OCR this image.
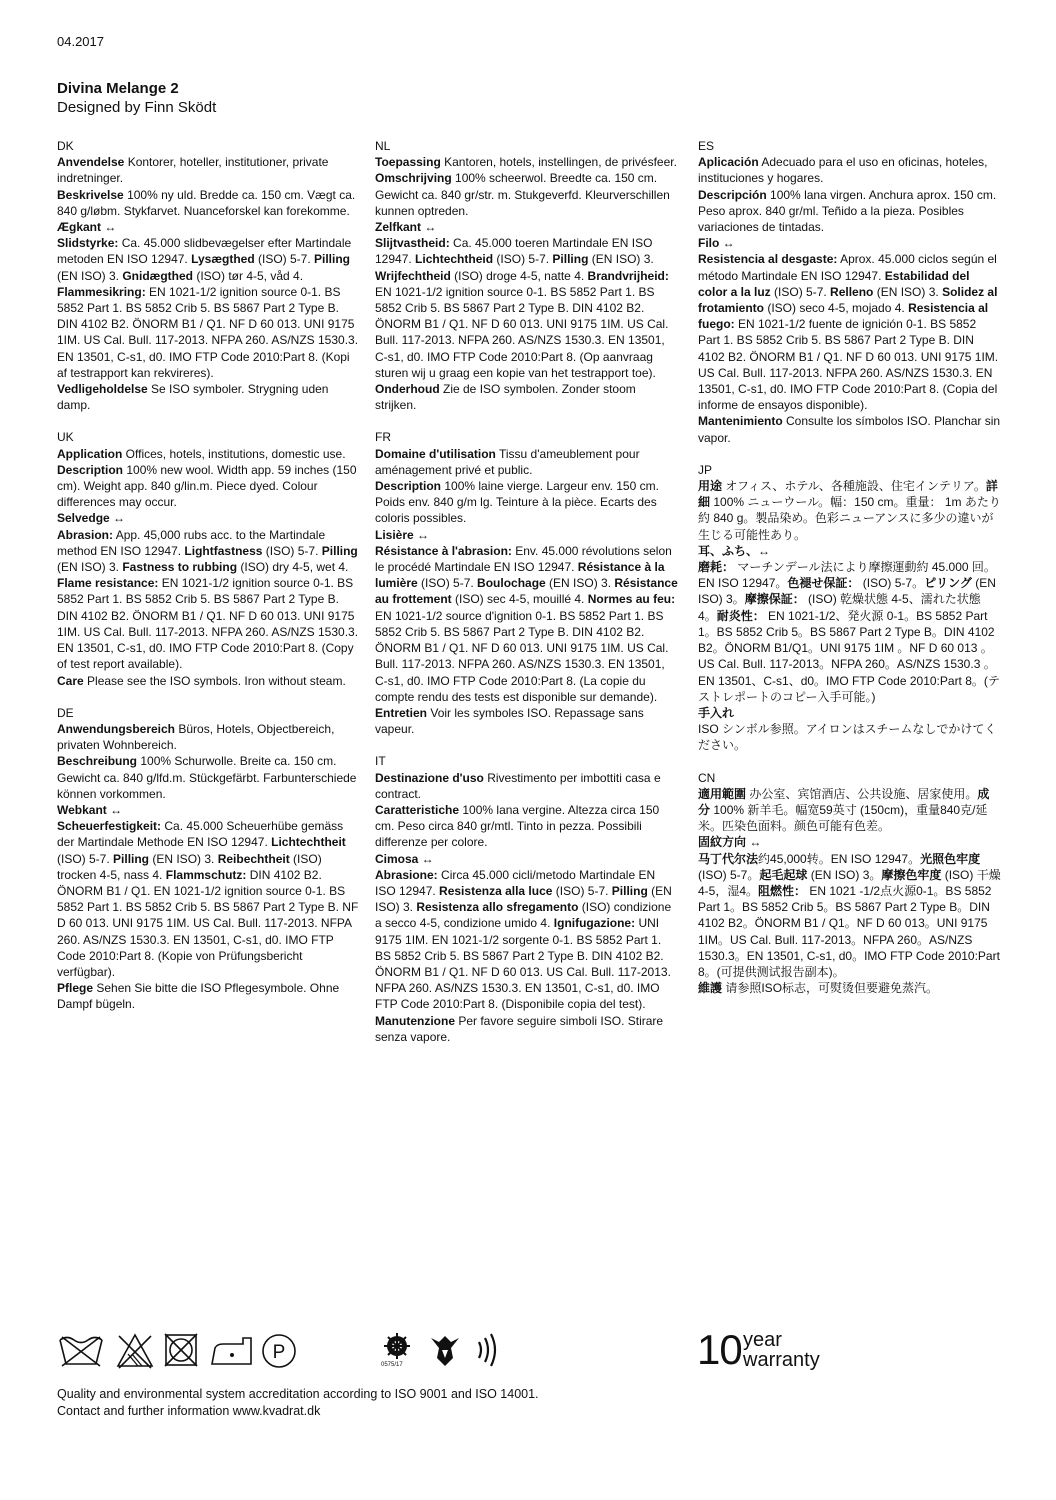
04.2017
Divina Melange 2
Designed by Finn Sködt
DK
Anvendelse Kontorer, hoteller, institutioner, private indretninger.
Beskrivelse 100% ny uld. Bredde ca. 150 cm. Vægt ca. 840 g/løbm. Stykfarvet. Nuanceforskel kan forekomme.
Ægkant ↔
Slidstyrke: Ca. 45.000 slidbevægelser efter Martindale metoden EN ISO 12947. Lysægthed (ISO) 5-7. Pilling (EN ISO) 3. Gnidægthed (ISO) tør 4-5, våd 4. Flammesikring: EN 1021-1/2 ignition source 0-1. BS 5852 Part 1. BS 5852 Crib 5. BS 5867 Part 2 Type B. DIN 4102 B2. ÖNORM B1 / Q1. NF D 60 013. UNI 9175 1IM. US Cal. Bull. 117-2013. NFPA 260. AS/NZS 1530.3. EN 13501, C-s1, d0. IMO FTP Code 2010:Part 8. (Kopi af testrapport kan rekvireres).
Vedligeholdelse Se ISO symboler. Strygning uden damp.
UK
Application Offices, hotels, institutions, domestic use.
Description 100% new wool. Width app. 59 inches (150 cm). Weight app. 840 g/lin.m. Piece dyed. Colour differences may occur.
Selvedge ↔
Abrasion: App. 45,000 rubs acc. to the Martindale method EN ISO 12947. Lightfastness (ISO) 5-7. Pilling (EN ISO) 3. Fastness to rubbing (ISO) dry 4-5, wet 4. Flame resistance: EN 1021-1/2 ignition source 0-1. BS 5852 Part 1. BS 5852 Crib 5. BS 5867 Part 2 Type B. DIN 4102 B2. ÖNORM B1 / Q1. NF D 60 013. UNI 9175 1IM. US Cal. Bull. 117-2013. NFPA 260. AS/NZS 1530.3. EN 13501, C-s1, d0. IMO FTP Code 2010:Part 8. (Copy of test report available).
Care Please see the ISO symbols. Iron without steam.
DE
Anwendungsbereich Büros, Hotels, Objectbereich, privaten Wohnbereich.
Beschreibung 100% Schurwolle. Breite ca. 150 cm. Gewicht ca. 840 g/lfd.m. Stückgefärbt. Farbunterschiede können vorkommen.
Webkant ↔
Scheuerfestigkeit: Ca. 45.000 Scheuerhübe gemäss der Martindale Methode EN ISO 12947. Lichtechtheit (ISO) 5-7. Pilling (EN ISO) 3. Reibechtheit (ISO) trocken 4-5, nass 4. Flammschutz: DIN 4102 B2. ÖNORM B1 / Q1. EN 1021-1/2 ignition source 0-1. BS 5852 Part 1. BS 5852 Crib 5. BS 5867 Part 2 Type B. NF D 60 013. UNI 9175 1IM. US Cal. Bull. 117-2013. NFPA 260. AS/NZS 1530.3. EN 13501, C-s1, d0. IMO FTP Code 2010:Part 8. (Kopie von Prüfungsbericht verfügbar).
Pflege Sehen Sie bitte die ISO Pflegesymbole. Ohne Dampf bügeln.
NL
Toepassing Kantoren, hotels, instellingen, de privésfeer.
Omschrijving 100% scheerwol. Breedte ca. 150 cm. Gewicht ca. 840 gr/str. m. Stukgeverfd. Kleurverschillen kunnen optreden.
Zelfkant ↔
Slijtvastheid: Ca. 45.000 toeren Martindale EN ISO 12947. Lichtechtheid (ISO) 5-7. Pilling (EN ISO) 3. Wrijfechtheid (ISO) droge 4-5, natte 4. Brandvrijheid: EN 1021-1/2 ignition source 0-1. BS 5852 Part 1. BS 5852 Crib 5. BS 5867 Part 2 Type B. DIN 4102 B2. ÖNORM B1 / Q1. NF D 60 013. UNI 9175 1IM. US Cal. Bull. 117-2013. NFPA 260. AS/NZS 1530.3. EN 13501, C-s1, d0. IMO FTP Code 2010:Part 8. (Op aanvraag sturen wij u graag een kopie van het testrapport toe).
Onderhoud Zie de ISO symbolen. Zonder stoom strijken.
FR
Domaine d'utilisation Tissu d'ameublement pour aménagement privé et public.
Description 100% laine vierge. Largeur env. 150 cm. Poids env. 840 g/m lg. Teinture à la pièce. Ecarts des coloris possibles.
Lisière ↔
Résistance à l'abrasion: Env. 45.000 révolutions selon le procédé Martindale EN ISO 12947. Résistance à la lumière (ISO) 5-7. Boulochage (EN ISO) 3. Résistance au frottement (ISO) sec 4-5, mouillé 4. Normes au feu: EN 1021-1/2 source d'ignition 0-1. BS 5852 Part 1. BS 5852 Crib 5. BS 5867 Part 2 Type B. DIN 4102 B2. ÖNORM B1 / Q1. NF D 60 013. UNI 9175 1IM. US Cal. Bull. 117-2013. NFPA 260. AS/NZS 1530.3. EN 13501, C-s1, d0. IMO FTP Code 2010:Part 8. (La copie du compte rendu des tests est disponible sur demande).
Entretien Voir les symboles ISO. Repassage sans vapeur.
IT
Destinazione d'uso Rivestimento per imbottiti casa e contract.
Caratteristiche 100% lana vergine. Altezza circa 150 cm. Peso circa 840 gr/mtl. Tinto in pezza. Possibili differenze per colore.
Cimosa ↔
Abrasione: Circa 45.000 cicli/metodo Martindale EN ISO 12947. Resistenza alla luce (ISO) 5-7. Pilling (EN ISO) 3. Resistenza allo sfregamento (ISO) condizione a secco 4-5, condizione umido 4. Ignifugazione: UNI 9175 1IM. EN 1021-1/2 sorgente 0-1. BS 5852 Part 1. BS 5852 Crib 5. BS 5867 Part 2 Type B. DIN 4102 B2. ÖNORM B1 / Q1. NF D 60 013. US Cal. Bull. 117-2013. NFPA 260. AS/NZS 1530.3. EN 13501, C-s1, d0. IMO FTP Code 2010:Part 8. (Disponibile copia del test).
Manutenzione Per favore seguire simboli ISO. Stirare senza vapore.
ES
Aplicación Adecuado para el uso en oficinas, hoteles, instituciones y hogares.
Descripción 100% lana virgen. Anchura aprox. 150 cm. Peso aprox. 840 gr/ml. Teñido a la pieza. Posibles variaciones de tintadas.
Filo ↔
Resistencia al desgaste: Aprox. 45.000 ciclos según el método Martindale EN ISO 12947. Estabilidad del color a la luz (ISO) 5-7. Relleno (EN ISO) 3. Solidez al frotamiento (ISO) seco 4-5, mojado 4. Resistencia al fuego: EN 1021-1/2 fuente de ignición 0-1. BS 5852 Part 1. BS 5852 Crib 5. BS 5867 Part 2 Type B. DIN 4102 B2. ÖNORM B1 / Q1. NF D 60 013. UNI 9175 1IM. US Cal. Bull. 117-2013. NFPA 260. AS/NZS 1530.3. EN 13501, C-s1, d0. IMO FTP Code 2010:Part 8. (Copia del informe de ensayos disponible).
Mantenimiento Consulte los símbolos ISO. Planchar sin vapor.
JP
用途 オフィス、ホテル、各種施設、住宅インテリア。詳細 100% ニューウール。幅：150 cm。重量： 1m あたり約 840 g。製品染め。色彩ニューアンスに多少の違いが生じる可能性あり。
耳、ふち、↔
磨耗： マーチンデール法により摩擦運動約 45.000 回。EN ISO 12947。色褪せ保証： (ISO) 5-7。ピリング (EN ISO) 3。摩擦保証： (ISO) 乾燥状態 4-5、濡れた状態 4。耐炎性： EN 1021-1/2、発火源 0-1。BS 5852 Part 1。BS 5852 Crib 5。BS 5867 Part 2 Type B。DIN 4102 B2。ÖNORM B1/Q1。UNI 9175 1IM 。NF D 60 013 。US Cal. Bull. 117-2013。NFPA 260。AS/NZS 1530.3 。EN 13501、C-s1、d0。IMO FTP Code 2010:Part 8。(テストレポートのコピー入手可能。)
手入れ
ISO シンボル参照。アイロンはスチームなしでかけてください。
CN
適用範圍 办公室、宾馆酒店、公共设施、居家使用。成分 100% 新羊毛。幅宽59英寸 (150cm)，重量840克/延米。匹染色面料。颜色可能有色差。
固紋方向 ↔
马丁代尔法约45,000转。EN ISO 12947。光照色牢度 (ISO) 5-7。起毛起球 (EN ISO) 3。摩擦色牢度 (ISO) 干燥4-5，湿4。阻燃性： EN 1021 -1/2点火源0-1。BS 5852 Part 1。BS 5852 Crib 5。BS 5867 Part 2 Type B。DIN 4102 B2。ÖNORM B1 / Q1。NF D 60 013。UNI 9175 1IM。US Cal. Bull. 117-2013。NFPA 260。AS/NZS 1530.3。EN 13501, C-s1, d0。IMO FTP Code 2010:Part 8。(可提供测试报告副本)。
維護 请参照ISO标志，可熨烫但要避免蒸汽。
P
0575/17	10 year
warranty
Quality and environmental system accreditation according to ISO 9001 and ISO 14001.
Contact and further information www.kvadrat.dk
